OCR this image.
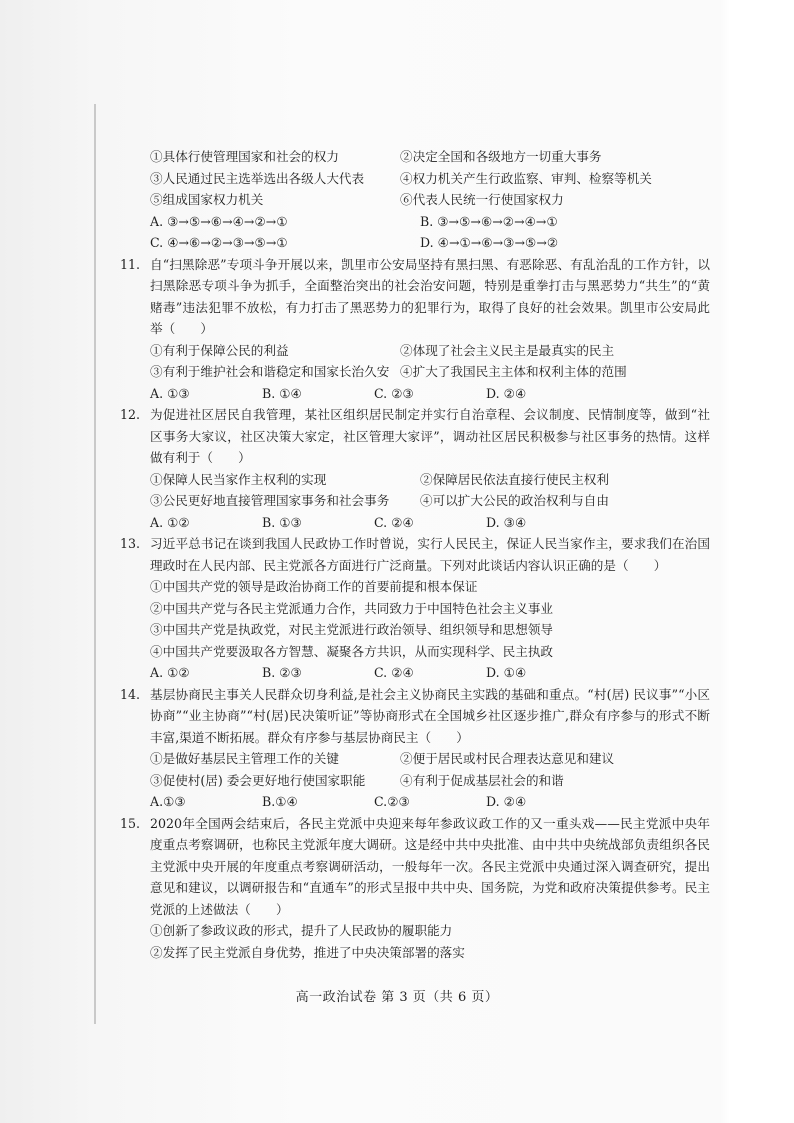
①具体行使管理国家和社会的权力	②决定全国和各级地方一切重大事务
③人民通过民主选举选出各级人大代表	④权力机关产生行政监察、审判、检察等机关
⑤组成国家权力机关	⑥代表人民统一行使国家权力
A. ③→⑤→⑥→④→②→①	B. ③→⑤→⑥→②→④→①
C. ④→⑥→②→③→⑤→①	D. ④→①→⑥→③→⑤→②
11. 自“扫黑除恶”专项斗争开展以来，凯里市公安局坚持有黑扫黑、有恶除恶、有乱治乱的工作方针，以扫黑除恶专项斗争为抓手，全面整治突出的社会治安问题，特别是重拳打击与黑恶势力“共生”的“黄赌毒”违法犯罪不放松，有力打击了黑恶势力的犯罪行为，取得了良好的社会效果。凯里市公安局此举（　　）
①有利于保障公民的利益	②体现了社会主义民主是最真实的民主
③有利于维护社会和谐稳定和国家长治久安 ④扩大了我国民主主体和权利主体的范围
A. ①③	B. ①④	C. ②③	D. ②④
12. 为促进社区居民自我管理，某社区组织居民制定并实行自治章程、会议制度、民情制度等，做到“社区事务大家议，社区决策大家定，社区管理大家评”，调动社区居民积极参与社区事务的热情。这样做有利于（　　）
①保障人民当家作主权利的实现	②保障居民依法直接行使民主权利
③公民更好地直接管理国家事务和社会事务	④可以扩大公民的政治权利与自由
A. ①②	B. ①③	C. ②④	D. ③④
13. 习近平总书记在谈到我国人民政协工作时曾说，实行人民民主，保证人民当家作主，要求我们在治国理政时在人民内部、民主党派各方面进行广泛商量。下列对此谈话内容认识正确的是（　　）
①中国共产党的领导是政治协商工作的首要前提和根本保证
②中国共产党与各民主党派通力合作，共同致力于中国特色社会主义事业
③中国共产党是执政党，对民主党派进行政治领导、组织领导和思想领导
④中国共产党要汲取各方智慧、凝聚各方共识，从而实现科学、民主执政
A. ①②	B. ②③	C. ②④	D. ①④
14. 基层协商民主事关人民群众切身利益,是社会主义协商民主实践的基础和重点。“村(居) 民议事”“小区协商”“业主协商”“村(居)民决策听证”等协商形式在全国城乡社区逐步推广,群众有序参与的形式不断丰富,渠道不断拓展。群众有序参与基层协商民主（　　）
①是做好基层民主管理工作的关键	②便于居民或村民合理表达意见和建议
③促使村(居) 委会更好地行使国家职能	④有利于促成基层社会的和谐
A.①③	B.①④	C.②③	D. ②④
15. 2020年全国两会结束后，各民主党派中央迎来每年参政议政工作的又一重头戏——民主党派中央年度重点考察调研，也称民主党派年度大调研。这是经中共中央批准、由中共中央统战部负责组织各民主党派中央开展的年度重点考察调研活动，一般每年一次。各民主党派中央通过深入调查研究，提出意见和建议，以调研报告和“直通车”的形式呈报中共中央、国务院，为党和政府决策提供参考。民主党派的上述做法（　　）
①创新了参政议政的形式，提升了人民政协的履职能力
②发挥了民主党派自身优势，推进了中央决策部署的落实
高一政治试卷 第 3 页（共 6 页）
